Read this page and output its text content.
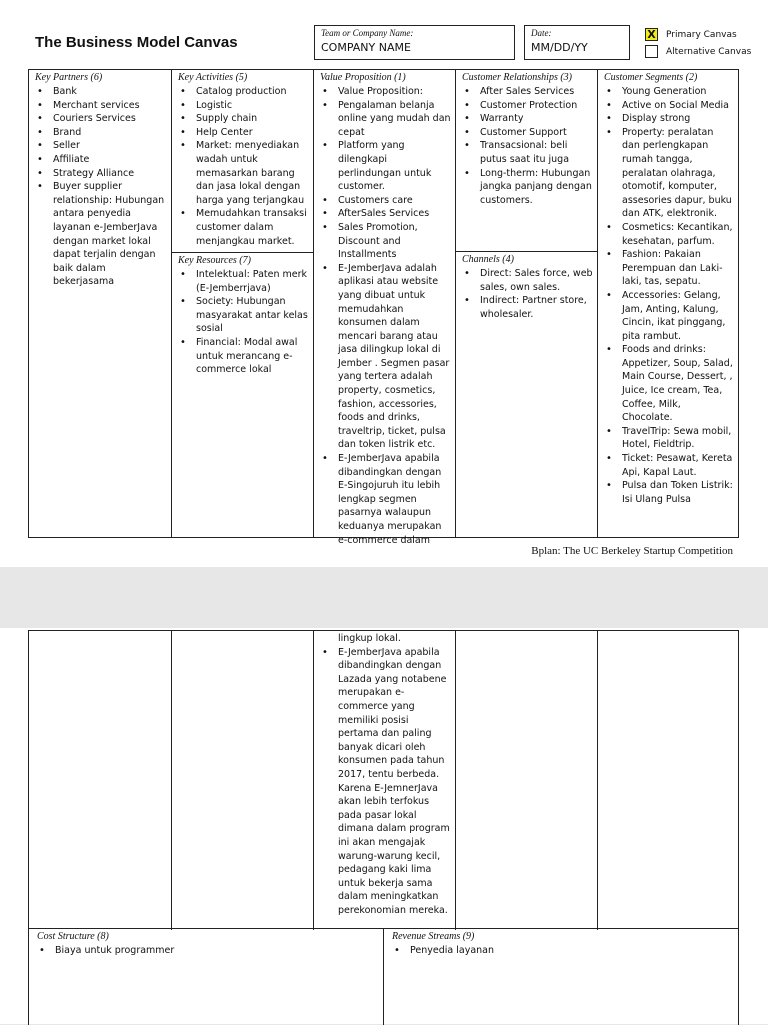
The Business Model Canvas
Team or Company Name:
COMPANY NAME
Date:
MM/DD/YY
X Primary Canvas
Alternative Canvas
Key Partners (6)
• Bank
• Merchant services
• Couriers Services
• Brand
• Seller
• Affiliate
• Strategy Alliance
• Buyer supplier relationship: Hubungan antara penyedia layanan e-JemberJava dengan market lokal dapat terjalin dengan baik dalam bekerjasama
Key Activities (5)
• Catalog production
• Logistic
• Supply chain
• Help Center
• Market: menyediakan wadah untuk memasarkan barang dan jasa lokal dengan harga yang terjangkau
• Memudahkan transaksi customer dalam menjangkau market.
Key Resources (7)
• Intelektual: Paten merk (E-Jemberrjava)
• Society: Hubungan masyarakat antar kelas sosial
• Financial: Modal awal untuk merancang e-commerce lokal
Value Proposition (1)
• Value Proposition:
• Pengalaman belanja online yang mudah dan cepat
• Platform yang dilengkapi perlindungan untuk customer.
• Customers care
• AfterSales Services
• Sales Promotion, Discount and Installments
• E-JemberJava adalah aplikasi atau website yang dibuat untuk memudahkan konsumen dalam mencari barang atau jasa dilingkup lokal di Jember . Segmen pasar yang tertera adalah property, cosmetics, fashion, accessories, foods and drinks, traveltrip, ticket, pulsa dan token listrik etc.
• E-JemberJava apabila dibandingkan dengan E-Singojuruh itu lebih lengkap segmen pasarnya walaupun keduanya merupakan e-commerce dalam
Customer Relationships (3)
• After Sales Services
• Customer Protection
• Warranty
• Customer Support
• Transacsional: beli putus saat itu juga
• Long-therm: Hubungan jangka panjang dengan customers.
Channels (4)
• Direct: Sales force, web sales, own sales.
• Indirect: Partner store, wholesaler.
Customer Segments (2)
• Young Generation
• Active on Social Media
• Display strong
• Property: peralatan dan perlengkapan rumah tangga, peralatan olahraga, otomotif, komputer, assesories dapur, buku dan ATK, elektronik.
• Cosmetics: Kecantikan, kesehatan, parfum.
• Fashion: Pakaian Perempuan dan Laki-laki, tas, sepatu.
• Accessories: Gelang, Jam, Anting, Kalung, Cincin, ikat pinggang, pita rambut.
• Foods and drinks: Appetizer, Soup, Salad, Main Course, Dessert, , Juice, Ice cream, Tea, Coffee, Milk, Chocolate.
• TravelTrip: Sewa mobil, Hotel, Fieldtrip.
• Ticket: Pesawat, Kereta Api, Kapal Laut.
• Pulsa dan Token Listrik: Isi Ulang Pulsa
Bplan: The UC Berkeley Startup Competition
lingkup lokal.
• E-JemberJava apabila dibandingkan dengan Lazada yang notabene merupakan e-commerce yang memiliki posisi pertama dan paling banyak dicari oleh konsumen pada tahun 2017, tentu berbeda. Karena E-JemnerJava akan lebih terfokus pada pasar lokal dimana dalam program ini akan mengajak warung-warung kecil, pedagang kaki lima untuk bekerja sama dalam meningkatkan perekonomian mereka.
Cost Structure (8)
• Biaya untuk programmer
Revenue Streams (9)
• Penyedia layanan
